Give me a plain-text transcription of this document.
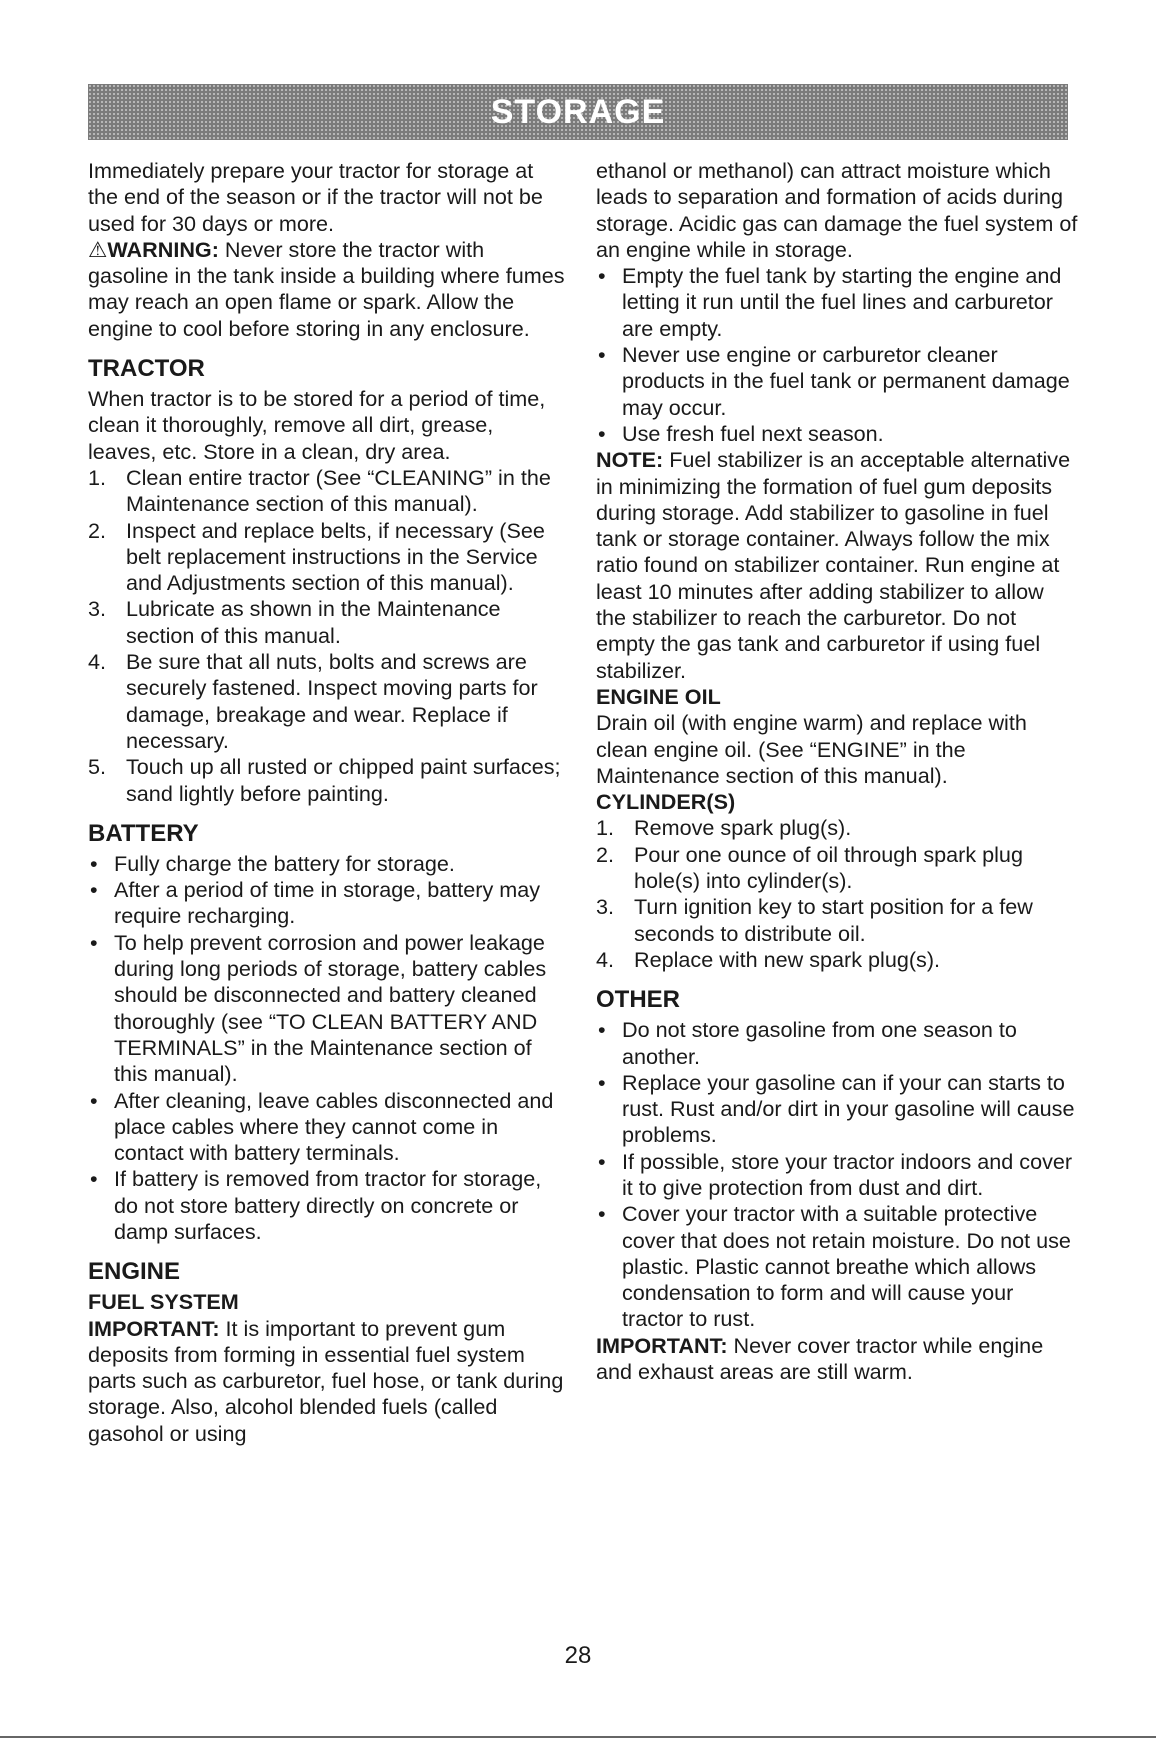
STORAGE

Immediately prepare your tractor for storage at the end of the season or if the tractor will not be used for 30 days or more.

⚠WARNING: Never store the tractor with gasoline in the tank inside a building where fumes may reach an open flame or spark. Allow the engine to cool before storing in any enclosure.

TRACTOR

When tractor is to be stored for a period of time, clean it thoroughly, remove all dirt, grease, leaves, etc. Store in a clean, dry area.

1. Clean entire tractor (See “CLEANING” in the Maintenance section of this manual).
2. Inspect and replace belts, if necessary (See belt replacement instructions in the Service and Adjustments section of this manual).
3. Lubricate as shown in the Maintenance section of this manual.
4. Be sure that all nuts, bolts and screws are securely fastened. Inspect moving parts for damage, breakage and wear. Replace if necessary.
5. Touch up all rusted or chipped paint surfaces; sand lightly before painting.
BATTERY
• Fully charge the battery for storage.
• After a period of time in storage, battery may require recharging.
• To help prevent corrosion and power leakage during long periods of storage, battery cables should be disconnected and battery cleaned thoroughly (see “TO CLEAN BATTERY AND TERMINALS” in the Maintenance section of this manual).
• After cleaning, leave cables disconnected and place cables where they cannot come in contact with battery terminals.
• If battery is removed from tractor for storage, do not store battery directly on concrete or damp surfaces.
ENGINE
FUEL SYSTEM

IMPORTANT: It is important to prevent gum deposits from forming in essential fuel system parts such as carburetor, fuel hose, or tank during storage. Also, alcohol blended fuels (called gasohol or using

ethanol or methanol) can attract moisture which leads to separation and formation of acids during storage. Acidic gas can damage the fuel system of an engine while in storage.

• Empty the fuel tank by starting the engine and letting it run until the fuel lines and carburetor are empty.
• Never use engine or carburetor cleaner products in the fuel tank or permanent damage may occur.
• Use fresh fuel next season.

NOTE: Fuel stabilizer is an acceptable alternative in minimizing the formation of fuel gum deposits during storage. Add stabilizer to gasoline in fuel tank or storage container. Always follow the mix ratio found on stabilizer container. Run engine at least 10 minutes after adding stabilizer to allow the stabilizer to reach the carburetor. Do not empty the gas tank and carburetor if using fuel stabilizer.

ENGINE OIL

Drain oil (with engine warm) and replace with clean engine oil. (See “ENGINE” in the Maintenance section of this manual).

CYLINDER(S)
1. Remove spark plug(s).
2. Pour one ounce of oil through spark plug hole(s) into cylinder(s).
3. Turn ignition key to start position for a few seconds to distribute oil.
4. Replace with new spark plug(s).
OTHER
• Do not store gasoline from one season to another.
• Replace your gasoline can if your can starts to rust. Rust and/or dirt in your gasoline will cause problems.
• If possible, store your tractor indoors and cover it to give protection from dust and dirt.
• Cover your tractor with a suitable protective cover that does not retain moisture. Do not use plastic. Plastic cannot breathe which allows condensation to form and will cause your tractor to rust.

IMPORTANT: Never cover tractor while engine and exhaust areas are still warm.

28
